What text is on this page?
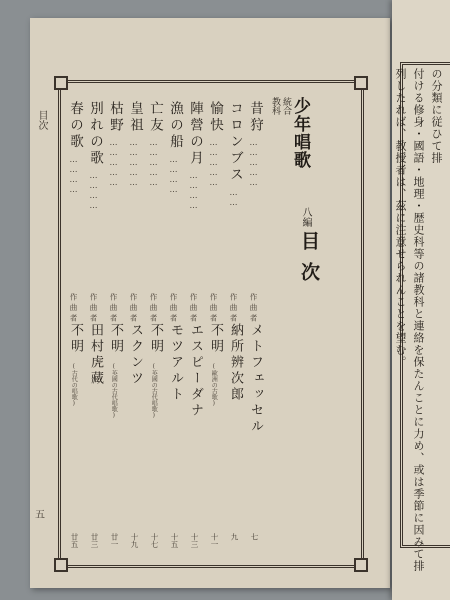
目次
五
教科 統合 少年唱歌
八編
目次
昔狩
……………
作曲者
メトフェッセル
七
コロンブス
……
作曲者
納所辨次郎
九
愉快
……………
作曲者
不明
(歐洲の古歌)
十一
陣營の月
…………
作曲者
エスピーダナ
十三
漁の船
…………
作曲者
モツアルト
十五
亡友
……………
作曲者
不明
(英國の古代唱歌)
十七
皇祖
……………
作曲者
スクンツ
十九
枯野
……………
作曲者
不明
(英國の古代唱歌)
廿一
別れの歌
…………
作曲者
田村虎藏
廿三
春の歌
…………
作曲者
不明
(古代の唱歌)
廿五
の分類に従ひて排
付ける修身・國語・地理・歴史科等の諸教科と連絡を保たんことに力め、或は季節に因みて排
列したれば、教授者は、茲に注意せられんことを望む。
